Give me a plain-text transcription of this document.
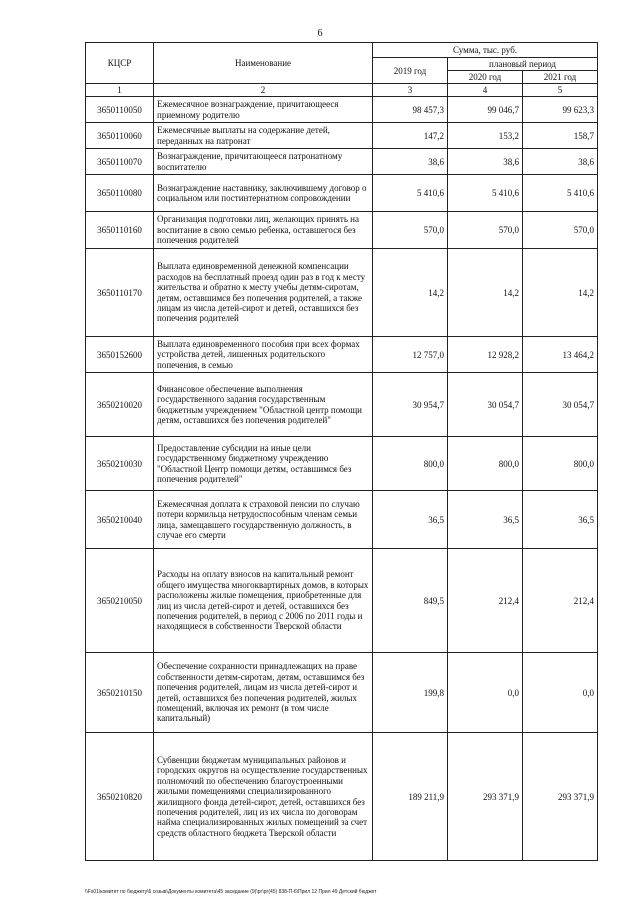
6
КЦСР	Наименование	Сумма, тыс. руб.		
		2019 год	плановый период	
			2020 год	2021 год
1	2	3	4	5
3650110050	Ежемесячное вознаграждение, причитающееся приемному родителю	98 457,3	99 046,7	99 623,3
3650110060	Ежемесячные выплаты на содержание детей, переданных на патронат	147,2	153,2	158,7
3650110070	Вознаграждение, причитающееся патронатному воспитателю	38,6	38,6	38,6
3650110080	Вознаграждение наставнику, заключившему договор о социальном или постинтернатном сопровождении	5 410,6	5 410,6	5 410,6
3650110160	Организация подготовки лиц, желающих принять на воспитание в свою семью ребенка, оставшегося без попечения родителей	570,0	570,0	570,0
3650110170	Выплата единовременной денежной компенсации расходов на бесплатный проезд один раз в год к месту жительства и обратно к месту учебы детям-сиротам, детям, оставшимся без попечения родителей, а также лицам из числа детей-сирот и детей, оставшихся без попечения родителей	14,2	14,2	14,2
3650152600	Выплата единовременного пособия при всех формах устройства детей, лишенных родительского попечения, в семью	12 757,0	12 928,2	13 464,2
3650210020	Финансовое обеспечение выполнения государственного задания государственным бюджетным учреждением "Областной центр помощи детям, оставшихся без попечения родителей"	30 954,7	30 054,7	30 054,7
3650210030	Предоставление субсидии на иные цели государственному бюджетному учреждению "Областной Центр помощи детям, оставшимся без попечения родителей"	800,0	800,0	800,0
3650210040	Ежемесячная доплата к страховой пенсии по случаю потери кормильца нетрудоспособным членам семьи лица, замещавшего государственную должность, в случае его смерти	36,5	36,5	36,5
3650210050	Расходы на оплату взносов на капитальный ремонт общего имущества многоквартирных домов, в которых расположены жилые помещения, приобретенные для лиц из числа детей-сирот и детей, оставшихся без попечения родителей, в период с 2006 по 2011 годы и находящиеся в собственности Тверской области	849,5	212,4	212,4
3650210150	Обеспечение сохранности принадлежащих на праве собственности детям-сиротам, детям, оставшимся без попечения родителей, лицам из числа детей-сирот и детей, оставшихся без попечения родителей, жилых помещений, включая их ремонт (в том числе капитальный)	199,8	0,0	0,0
3650210820	Субвенции бюджетам муниципальных районов и городских округов на осуществление государственных полномочий по обеспечению благоустроенными жилыми помещениями специализированного жилищного фонда детей-сирот, детей, оставшихся без попечения родителей, лиц из их числа по договорам найма специализированных жилых помещений за счет средств областного бюджета Тверской области	189 211,9	293 371,9	293 371,9
\\Fs01\комитет по бюджету\6 созыв\Документы комитета\45 заседание (9)\рг\рг(45) 838-П-6\Прил 12 Прил 49 Детский бюджет
